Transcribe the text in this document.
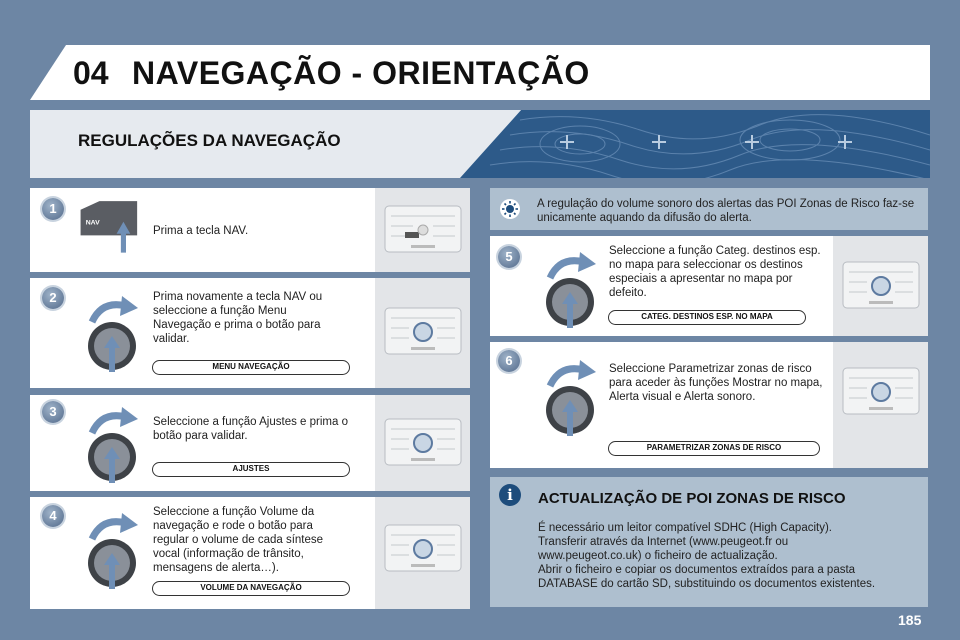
04 NAVEGAÇÃO - ORIENTAÇÃO
REGULAÇÕES DA NAVEGAÇÃO
1
NAV
Prima a tecla NAV.
2	Prima novamente a tecla NAV ou seleccione a função Menu Navegação e prima o botão para validar.
MENU NAVEGAÇÃO
3
Seleccione a função Ajustes e prima o botão para validar.
AJUSTES
4	Seleccione a função Volume da navegação e rode o botão para regular o volume de cada síntese vocal (informação de trânsito, mensagens de alerta…).
VOLUME DA NAVEGAÇÃO
A regulação do volume sonoro dos alertas das POI Zonas de Risco faz-se unicamente aquando da difusão do alerta.
5	Seleccione a função Categ. destinos esp. no mapa para seleccionar os destinos especiais a apresentar no mapa por defeito.
CATEG. DESTINOS ESP. NO MAPA
6
Seleccione Parametrizar zonas de risco para aceder às funções Mostrar no mapa, Alerta visual e Alerta sonoro.
PARAMETRIZAR ZONAS DE RISCO
i	ACTUALIZAÇÃO DE POI ZONAS DE RISCO
É necessário um leitor compatível SDHC (High Capacity).
Transferir através da Internet (www.peugeot.fr ou
www.peugeot.co.uk) o ficheiro de actualização.
Abrir o ficheiro e copiar os documentos extraídos para a pasta
DATABASE do cartão SD, substituindo os documentos existentes.
185
